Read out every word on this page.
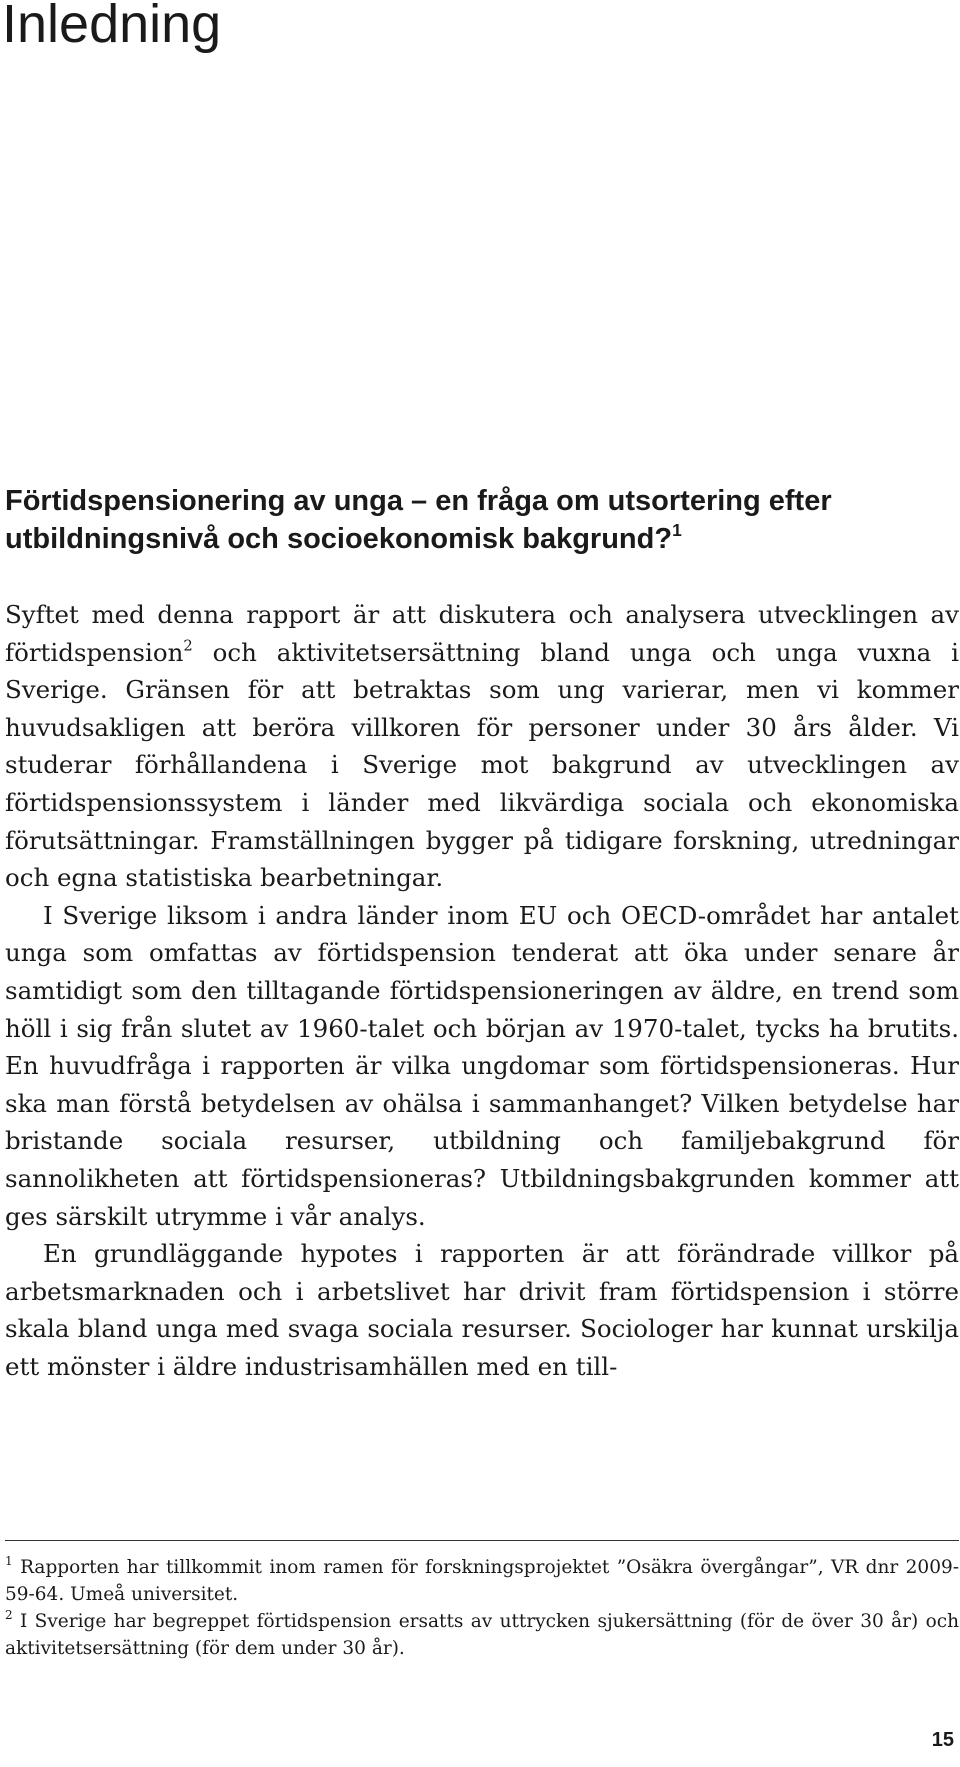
Inledning
Förtidspensionering av unga – en fråga om utsortering efter utbildningsnivå och socioekonomisk bakgrund?$^1$

Syftet med denna rapport är att diskutera och analysera utvecklingen av förtidspension$^2$ och aktivitetsersättning bland unga och unga vuxna i Sverige. Gränsen för att betraktas som ung varierar, men vi kommer huvudsakligen att beröra villkoren för personer under 30 års ålder. Vi studerar förhållandena i Sverige mot bakgrund av utvecklingen av förtidspensionssystem i länder med likvärdiga sociala och ekonomiska förutsättningar. Framställningen bygger på tidigare forskning, utredningar och egna statistiska bearbetningar.

I Sverige liksom i andra länder inom EU och OECD-området har antalet unga som omfattas av förtidspension tenderat att öka under senare år samtidigt som den tilltagande förtidspensioneringen av äldre, en trend som höll i sig från slutet av 1960-talet och början av 1970-talet, tycks ha brutits. En huvudfråga i rapporten är vilka ungdomar som förtidspensioneras. Hur ska man förstå betydelsen av ohälsa i sammanhanget? Vilken betydelse har bristande sociala resurser, utbildning och familjebakgrund för sannolikheten att förtidspensioneras? Utbildningsbakgrunden kommer att ges särskilt utrymme i vår analys.

En grundläggande hypotes i rapporten är att förändrade villkor på arbetsmarknaden och i arbetslivet har drivit fram förtidspension i större skala bland unga med svaga sociala resurser. Sociologer har kunnat urskilja ett mönster i äldre industrisamhällen med en till-

$^1$ Rapporten har tillkommit inom ramen för forskningsprojektet ”Osäkra övergångar”, VR dnr 2009-59-64. Umeå universitet.

$^2$ I Sverige har begreppet förtidspension ersatts av uttrycken sjukersättning (för de över 30 år) och aktivitetsersättning (för dem under 30 år).

15
